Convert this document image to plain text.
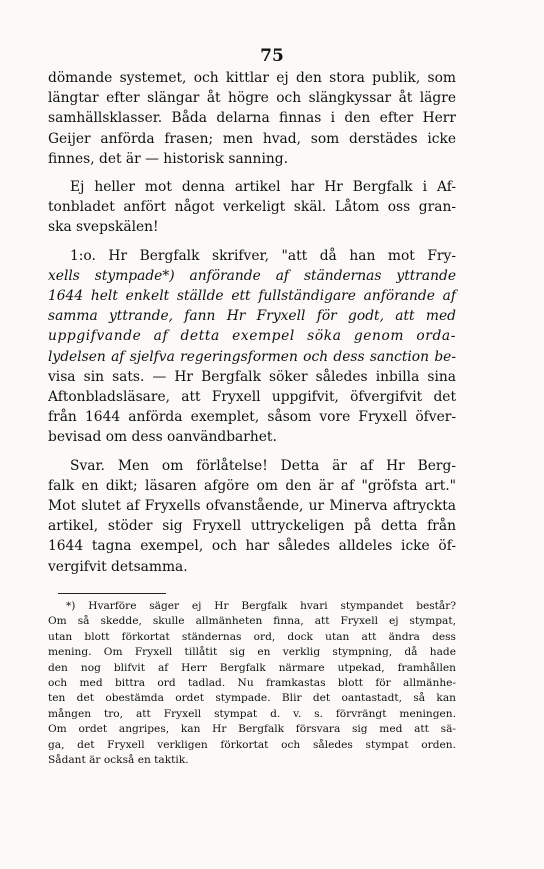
75
dömande systemet, och kittlar ej den stora publik, som
längtar efter slängar åt högre och slängkyssar åt lägre
samhällsklasser. Båda delarna finnas i den efter Herr
Geijer anförda frasen; men hvad, som derstädes icke
finnes, det är — historisk sanning.
Ej heller mot denna artikel har Hr Bergfalk i Af-
tonbladet anfört något verkeligt skäl. Låtom oss gran-
ska svepskälen!
1:o. Hr Bergfalk skrifver, "att då han mot Fry-
xells stympade*) anförande af ständernas yttrande
1644 helt enkelt ställde ett fullständigare anförande af
samma yttrande, fann Hr Fryxell för godt, att med
uppgifvande af detta exempel söka genom orda-
lydelsen af sjelfva regeringsformen och dess sanction be-
visa sin sats. — Hr Bergfalk söker således inbilla sina
Aftonbladsläsare, att Fryxell uppgifvit, öfvergifvit det
från 1644 anförda exemplet, såsom vore Fryxell öfver-
bevisad om dess oanvändbarhet.
Svar. Men om förlåtelse! Detta är af Hr Berg-
falk en dikt; läsaren afgöre om den är af "gröfsta art."
Mot slutet af Fryxells ofvanstående, ur Minerva aftryckta
artikel, stöder sig Fryxell uttryckeligen på detta från
1644 tagna exempel, och har således alldeles icke öf-
vergifvit detsamma.
*) Hvarföre säger ej Hr Bergfalk hvari stympandet består?
Om så skedde, skulle allmänheten finna, att Fryxell ej stympat,
utan blott förkortat ständernas ord, dock utan att ändra dess
mening. Om Fryxell tillåtit sig en verklig stympning, då hade
den nog blifvit af Herr Bergfalk närmare utpekad, framhållen
och med bittra ord tadlad. Nu framkastas blott för allmänhe-
ten det obestämda ordet stympade. Blir det oantastadt, så kan
mången tro, att Fryxell stympat d. v. s. förvrängt meningen.
Om ordet angripes, kan Hr Bergfalk försvara sig med att sä-
ga, det Fryxell verkligen förkortat och således stympat orden.
Sådant är också en taktik.
